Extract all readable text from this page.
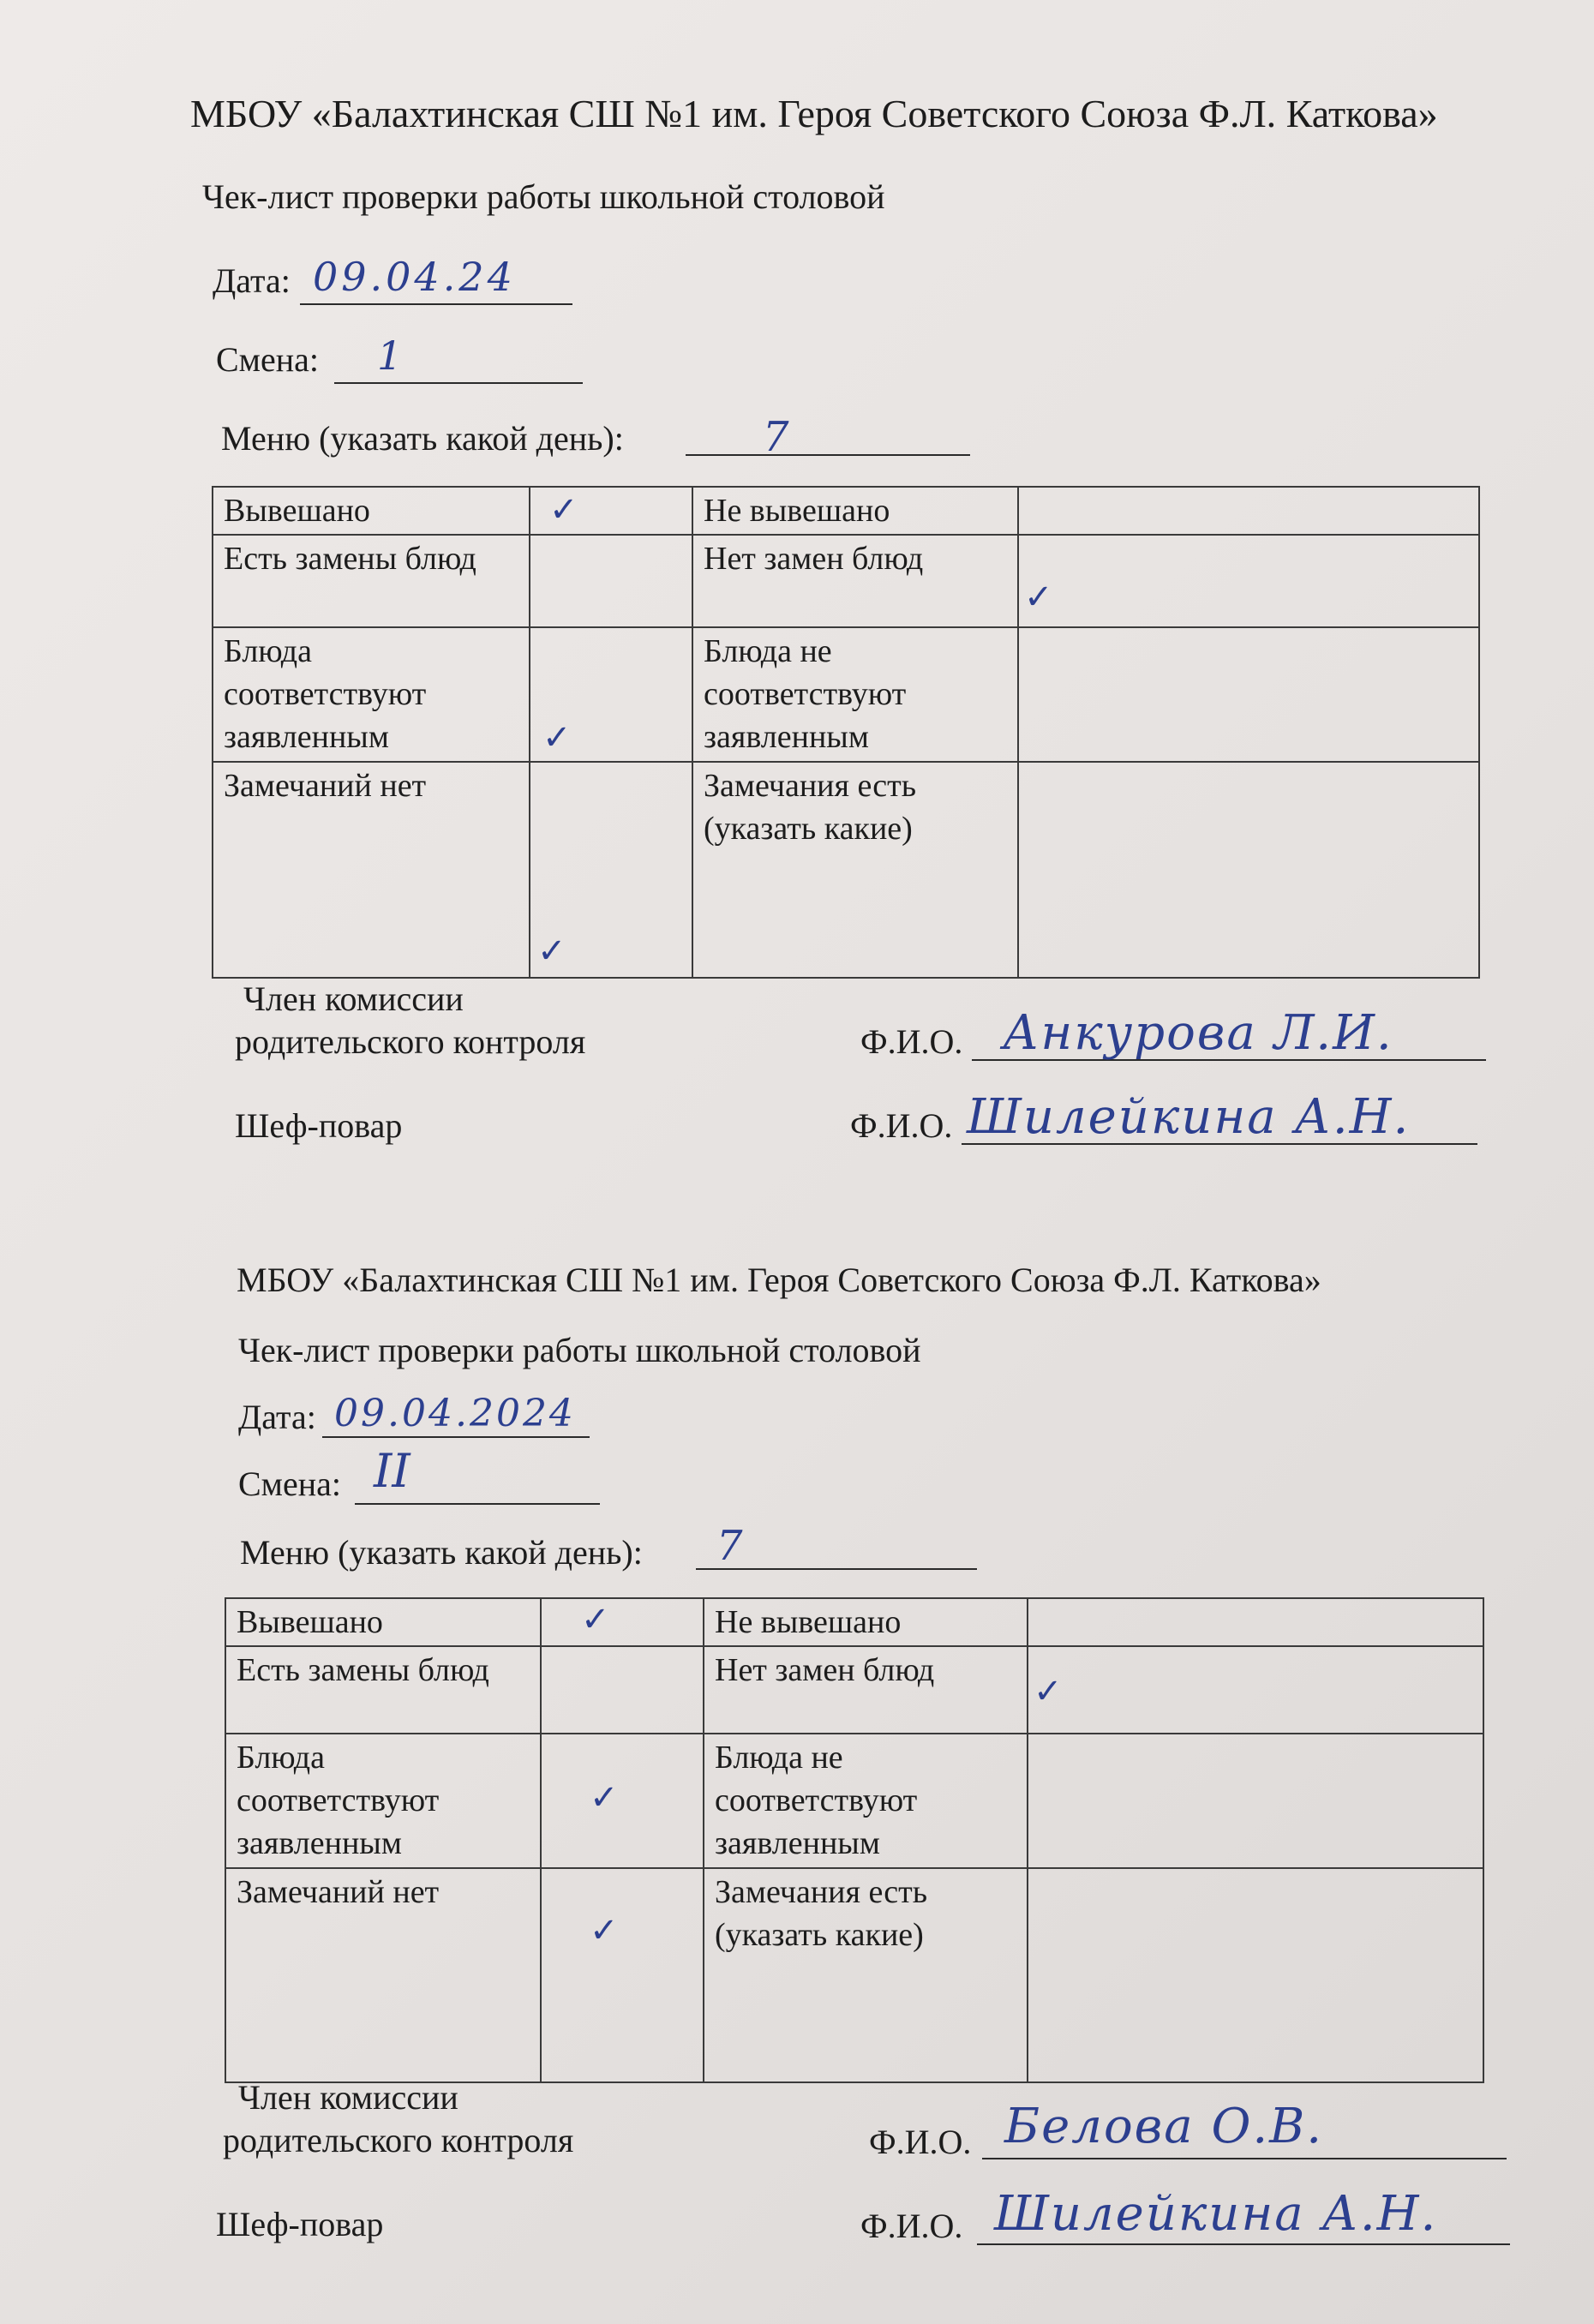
МБОУ «Балахтинская СШ №1 им. Героя Советского Союза Ф.Л. Каткова»
Чек-лист проверки работы школьной столовой
Дата: 09.04.24
Смена: 1
Меню (указать какой день):	7
Вывешано	✓	Не вывешано	

Есть замены блюд		Нет замен блюд	✓

Блюда соответствуют заявленным	✓	Блюда не соответствуют заявленным	

Замечаний нет	✓	Замечания есть (указать какие)	
Член комиссии
родительского контроля	Ф.И.О. Анкурова Л.И.
Шеф-повар	Ф.И.О. Шилейкина А.Н.
МБОУ «Балахтинская СШ №1 им. Героя Советского Союза Ф.Л. Каткова»
Чек-лист проверки работы школьной столовой
Дата: 09.04.2024
Смена: II
Меню (указать какой день): 7
Вывешано	✓	Не вывешано	

Есть замены блюд		Нет замен блюд	✓

Блюда соответствуют заявленным	✓	Блюда не соответствуют заявленным	

Замечаний нет	✓	Замечания есть (указать какие)	
Член комиссии
родительского контроля	Ф.И.О. Белова О.В.
Шеф-повар	Ф.И.О. Шилейкина А.Н.
